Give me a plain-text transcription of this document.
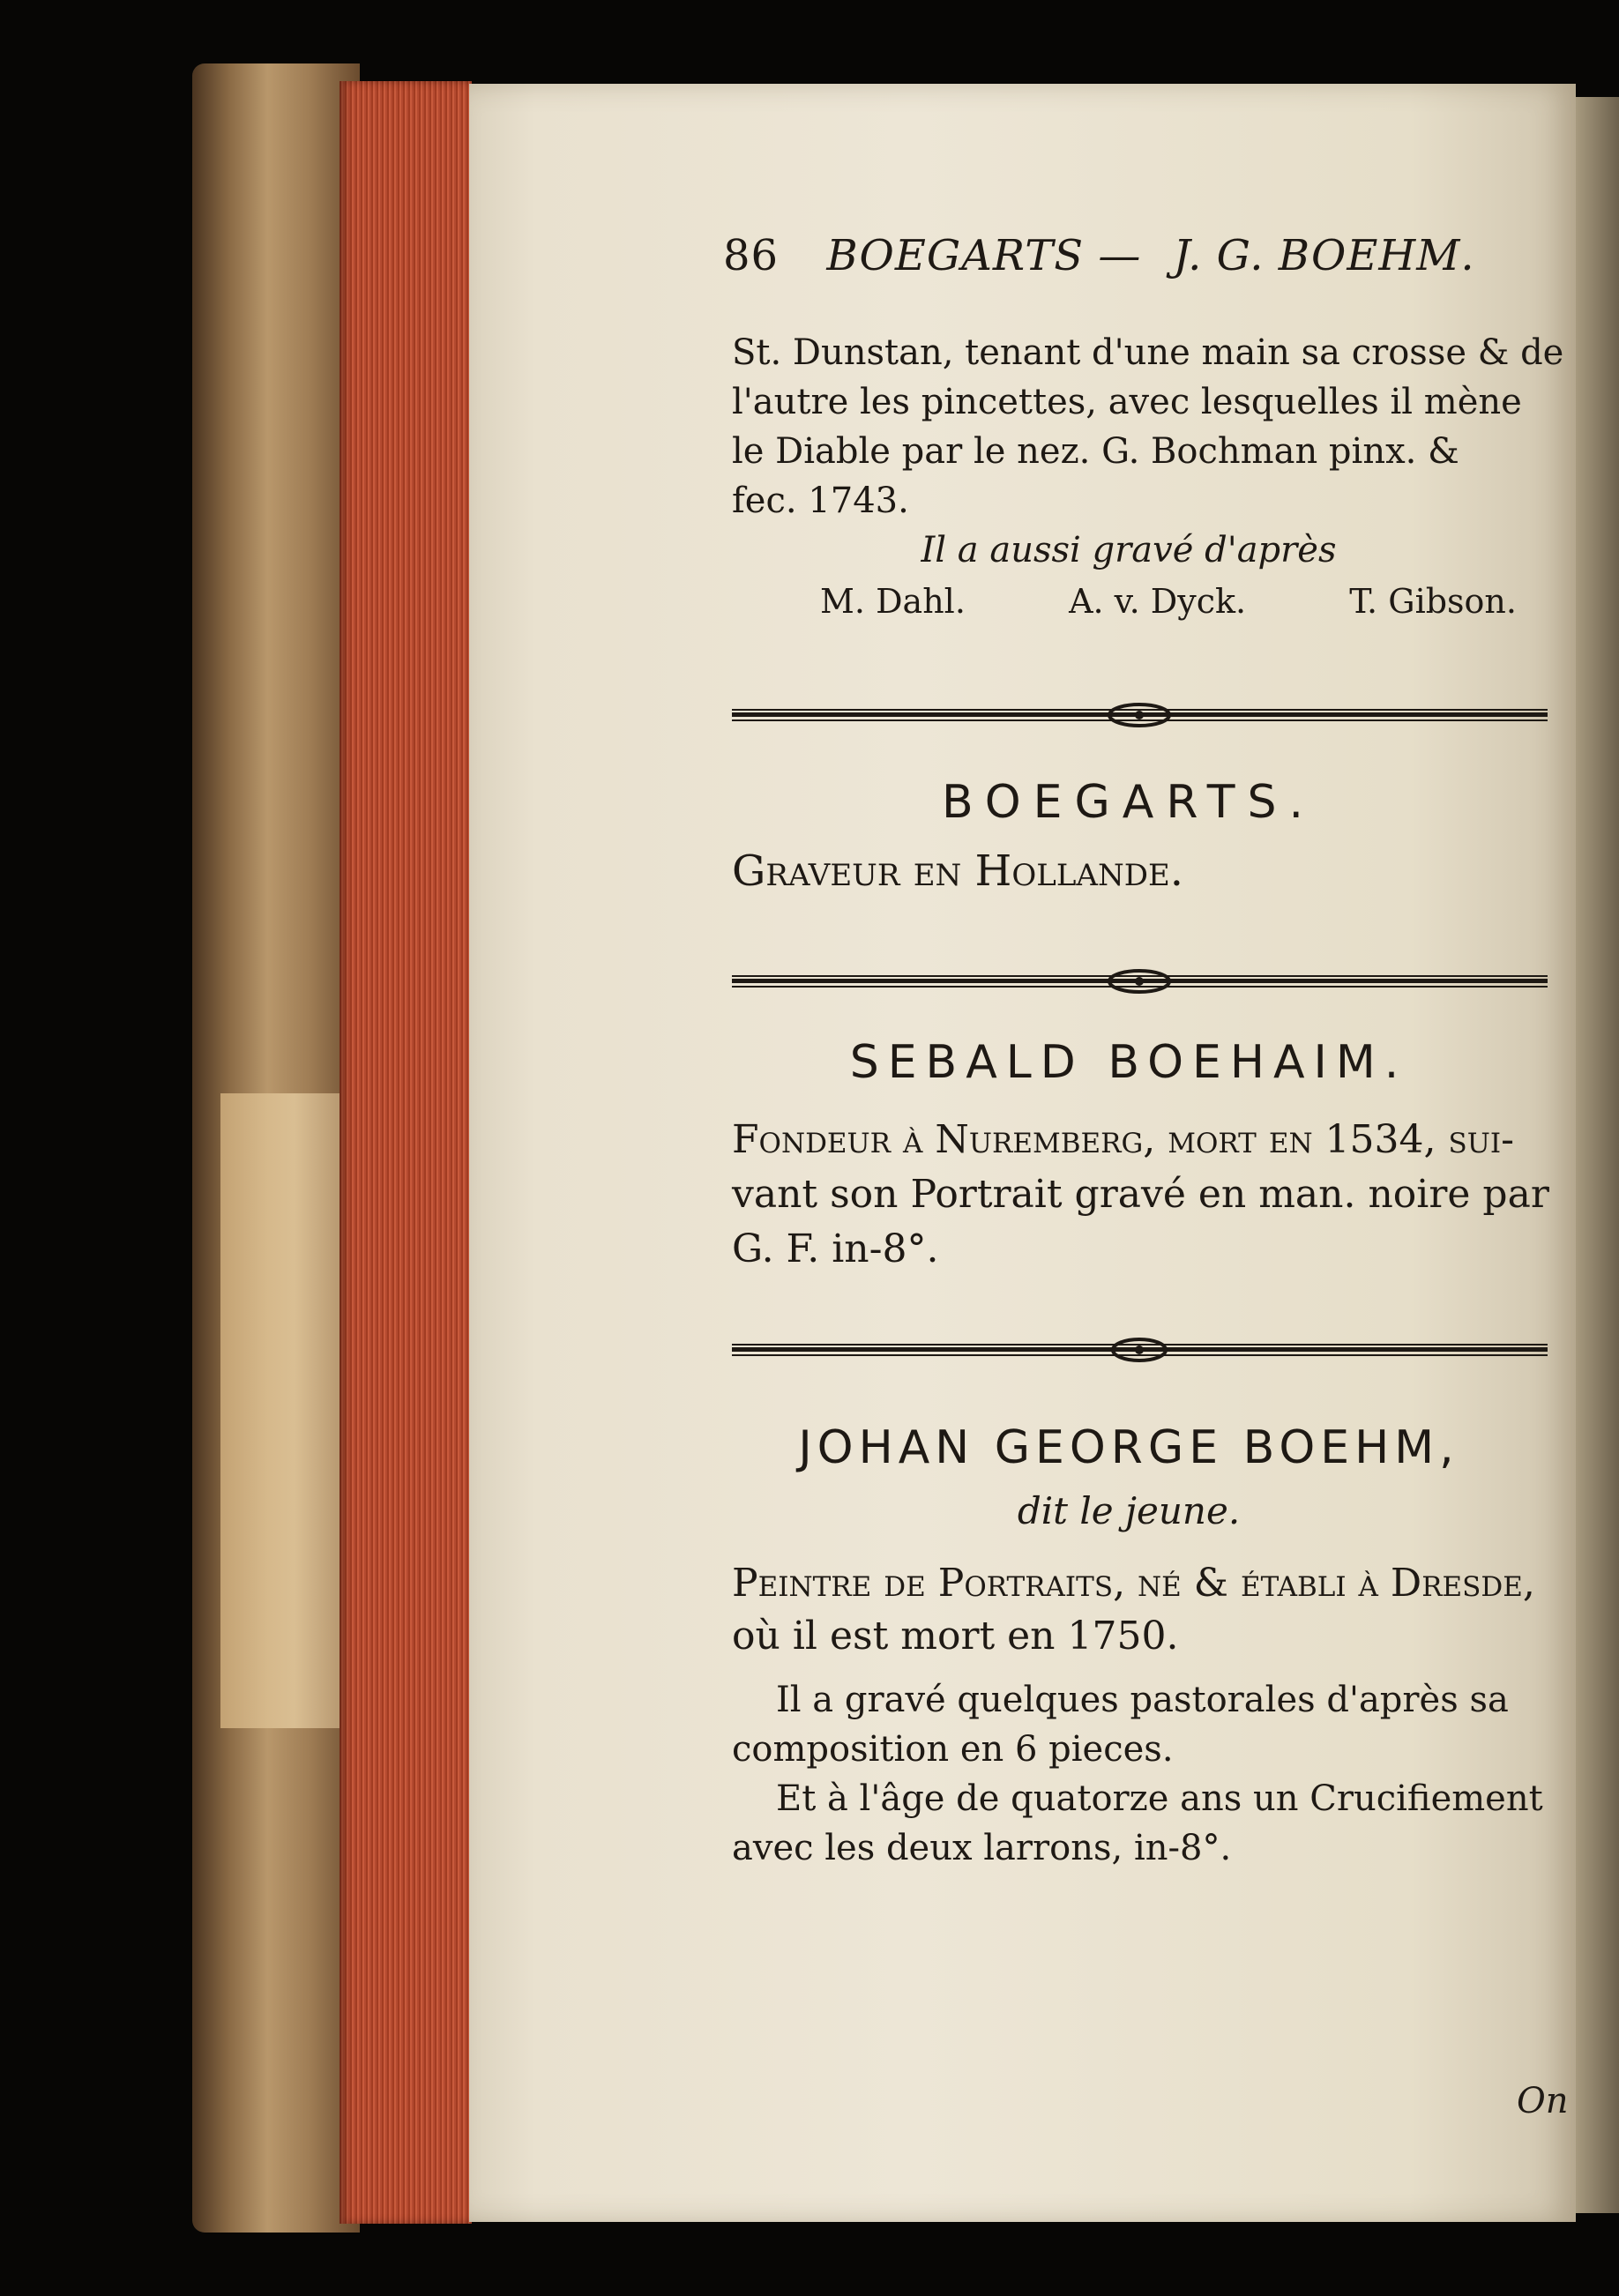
86 BOEGARTS — J. G. BOEHM.
St. Dunstan, tenant d'une main sa crosse & de
l'autre les pincettes, avec lesquelles il mène
le Diable par le nez. G. Bochman pinx. &
fec. 1743.
Il a aussi gravé d'après
M. Dahl.	A. v. Dyck.	T. Gibson.
BOEGARTS.
Graveur en Hollande.
SEBALD BOEHAIM.
Fondeur à Nuremberg, mort en 1534, sui-
vant son Portrait gravé en man. noire par
G. F. in-8°.
JOHAN GEORGE BOEHM,
dit le jeune.
Peintre de Portraits, né & établi à Dresde,
où il est mort en 1750.
Il a gravé quelques pastorales d'après sa
composition en 6 pieces.
Et à l'âge de quatorze ans un Crucifiement
avec les deux larrons, in-8°.
On
